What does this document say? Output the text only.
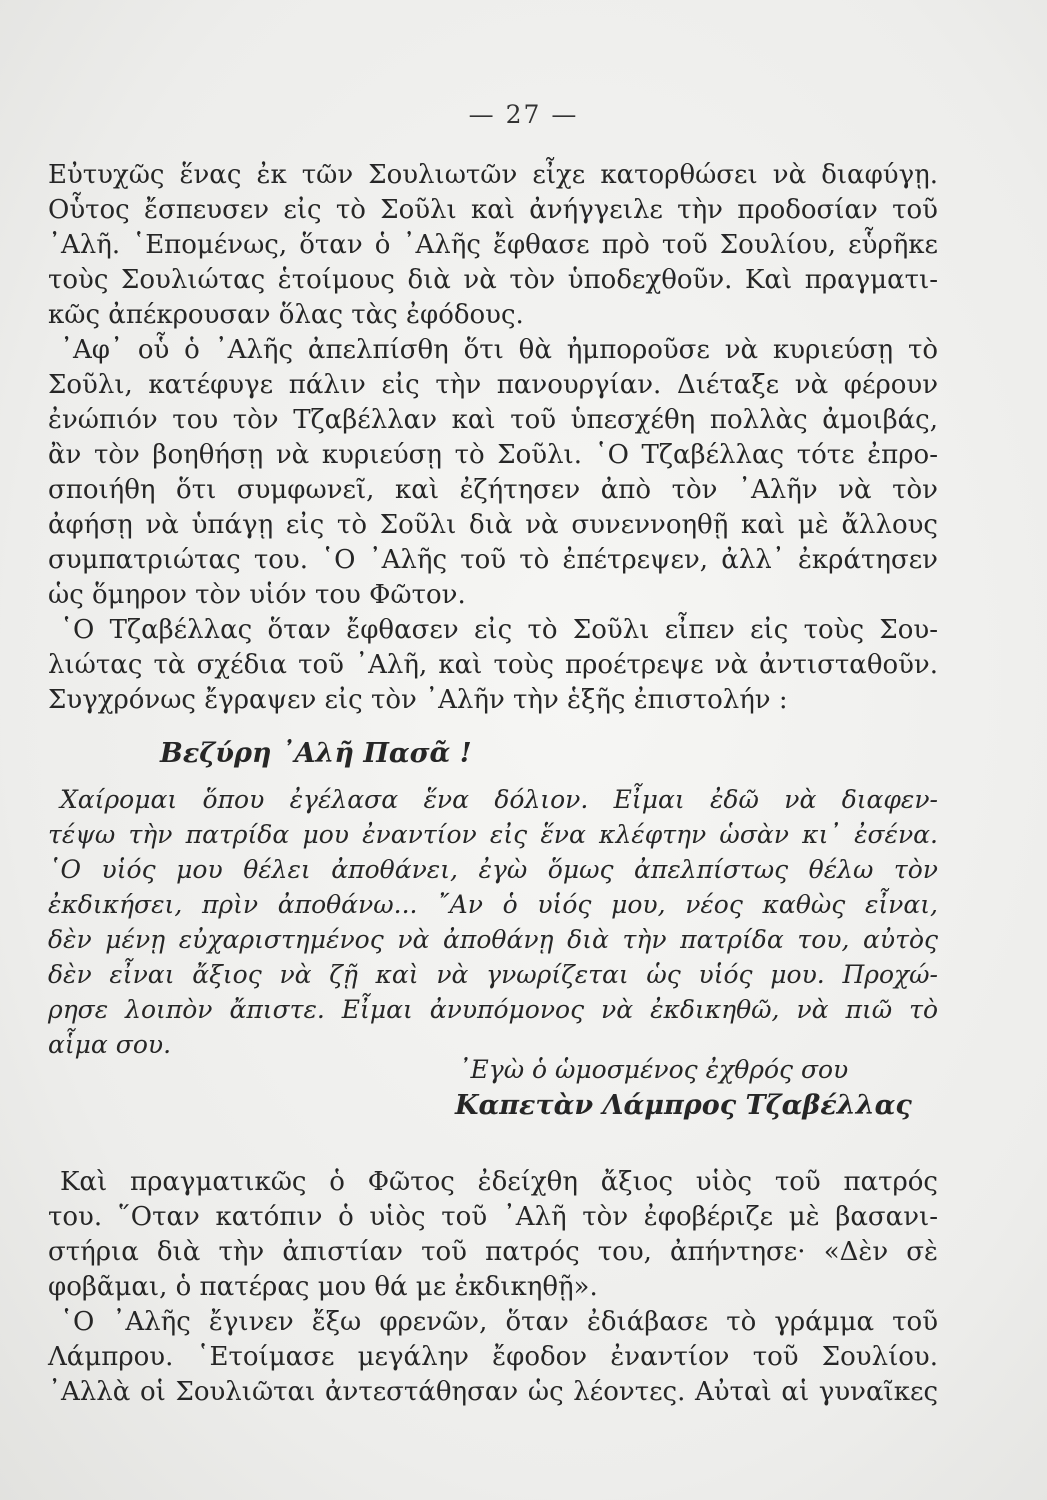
— 27 —
Εὐτυχῶς ἕνας ἐκ τῶν Σουλιωτῶν εἶχε κατορθώσει νὰ διαφύγῃ.
Οὗτος ἔσπευσεν εἰς τὸ Σοῦλι καὶ ἀνήγγειλε τὴν προδοσίαν τοῦ
᾿Αλῆ. ῾Επομένως, ὅταν ὁ ᾿Αλῆς ἔφθασε πρὸ τοῦ Σουλίου, εὗρῆκε
τοὺς Σουλιώτας ἑτοίμους διὰ νὰ τὸν ὑποδεχθοῦν. Καὶ πραγματι-
κῶς ἀπέκρουσαν ὅλας τὰς ἐφόδους.
᾿Αφ᾿ οὗ ὁ ᾿Αλῆς ἀπελπίσθη ὅτι θὰ ἠμποροῦσε νὰ κυριεύσῃ τὸ
Σοῦλι, κατέφυγε πάλιν εἰς τὴν πανουργίαν. Διέταξε νὰ φέρουν
ἐνώπιόν του τὸν Τζαβέλλαν καὶ τοῦ ὑπεσχέθη πολλὰς ἀμοιβάς,
ἂν τὸν βοηθήσῃ νὰ κυριεύσῃ τὸ Σοῦλι. ῾Ο Τζαβέλλας τότε ἐπρο-
σποιήθη ὅτι συμφωνεῖ, καὶ ἐζήτησεν ἀπὸ τὸν ᾿Αλῆν νὰ τὸν
ἀφήσῃ νὰ ὑπάγῃ εἰς τὸ Σοῦλι διὰ νὰ συνεννοηθῇ καὶ μὲ ἄλλους
συμπατριώτας του. ῾Ο ᾿Αλῆς τοῦ τὸ ἐπέτρεψεν, ἀλλ᾿ ἐκράτησεν
ὡς ὅμηρον τὸν υἱόν του Φῶτον.
῾Ο Τζαβέλλας ὅταν ἔφθασεν εἰς τὸ Σοῦλι εἶπεν εἰς τοὺς Σου-
λιώτας τὰ σχέδια τοῦ ᾿Αλῆ, καὶ τοὺς προέτρεψε νὰ ἀντισταθοῦν.
Συγχρόνως ἔγραψεν εἰς τὸν ᾿Αλῆν τὴν ἑξῆς ἐπιστολήν :
Βεζύρη ᾿Αλῆ Πασᾶ !
Χαίρομαι ὅπου ἐγέλασα ἕνα δόλιον. Εἶμαι ἐδῶ νὰ διαφεν-
τέψω τὴν πατρίδα μου ἐναντίον εἰς ἕνα κλέφτην ὡσὰν κι᾿ ἐσένα.
῾Ο υἱός μου θέλει ἀποθάνει, ἐγὼ ὅμως ἀπελπίστως θέλω τὸν
ἐκδικήσει, πρὶν ἀποθάνω... ῎Αν ὁ υἱός μου, νέος καθὼς εἶναι,
δὲν μένῃ εὐχαριστημένος νὰ ἀποθάνῃ διὰ τὴν πατρίδα του, αὐτὸς
δὲν εἶναι ἄξιος νὰ ζῇ καὶ νὰ γνωρίζεται ὡς υἱός μου. Προχώ-
ρησε λοιπὸν ἄπιστε. Εἶμαι ἀνυπόμονος νὰ ἐκδικηθῶ, νὰ πιῶ τὸ
αἷμα σου.
᾿Εγὼ ὁ ὡμοσμένος ἐχθρός σου
Καπετὰν Λάμπρος Τζαβέλλας
Καὶ πραγματικῶς ὁ Φῶτος ἐδείχθη ἄξιος υἱὸς τοῦ πατρός
του. ῞Οταν κατόπιν ὁ υἱὸς τοῦ ᾿Αλῆ τὸν ἐφοβέριζε μὲ βασανι-
στήρια διὰ τὴν ἀπιστίαν τοῦ πατρός του, ἀπήντησε· «Δὲν σὲ
φοβᾶμαι, ὁ πατέρας μου θά με ἐκδικηθῇ».
῾Ο ᾿Αλῆς ἔγινεν ἔξω φρενῶν, ὅταν ἐδιάβασε τὸ γράμμα τοῦ
Λάμπρου. ῾Ετοίμασε μεγάλην ἔφοδον ἐναντίον τοῦ Σουλίου.
᾿Αλλὰ οἱ Σουλιῶται ἀντεστάθησαν ὡς λέοντες. Αὐταὶ αἱ γυναῖκες
